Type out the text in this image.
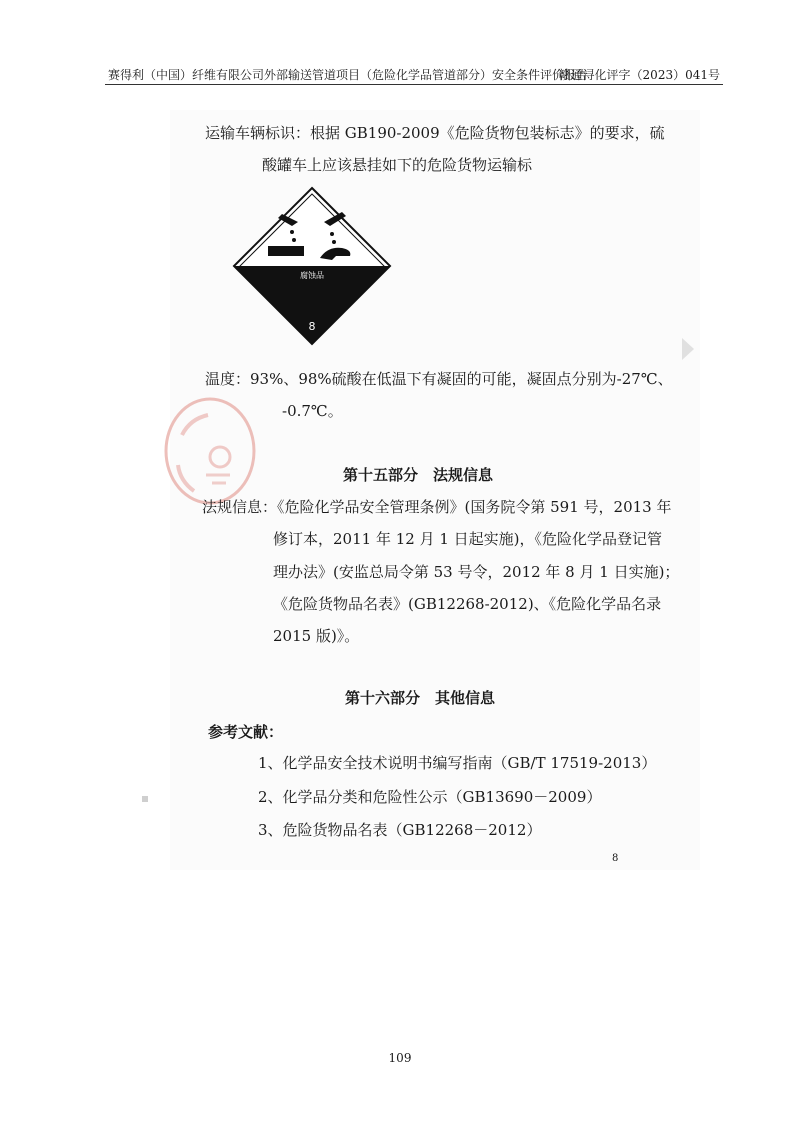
赛得利（中国）纤维有限公司外部输送管道项目（危险化学品管道部分）安全条件评价报告
赣通浔化评字（2023）041号
运输车辆标识：根据 GB190-2009《危险货物包装标志》的要求，硫
酸罐车上应该悬挂如下的危险货物运输标
腐蚀品
8
温度：93%、98%硫酸在低温下有凝固的可能，凝固点分别为-27℃、
-0.7℃。
第十五部分　法规信息
法规信息：《危险化学品安全管理条例》(国务院令第 591 号，2013 年
修订本，2011 年 12 月 1 日起实施)，《危险化学品登记管
理办法》(安监总局令第 53 号令，2012 年 8 月 1 日实施)；
《危险货物品名表》(GB12268-2012)、《危险化学品名录
2015 版)》。
第十六部分　其他信息
参考文献：
1、化学品安全技术说明书编写指南（GB/T 17519-2013）
2、化学品分类和危险性公示（GB13690－2009）
3、危险货物品名表（GB12268－2012）
8
109
